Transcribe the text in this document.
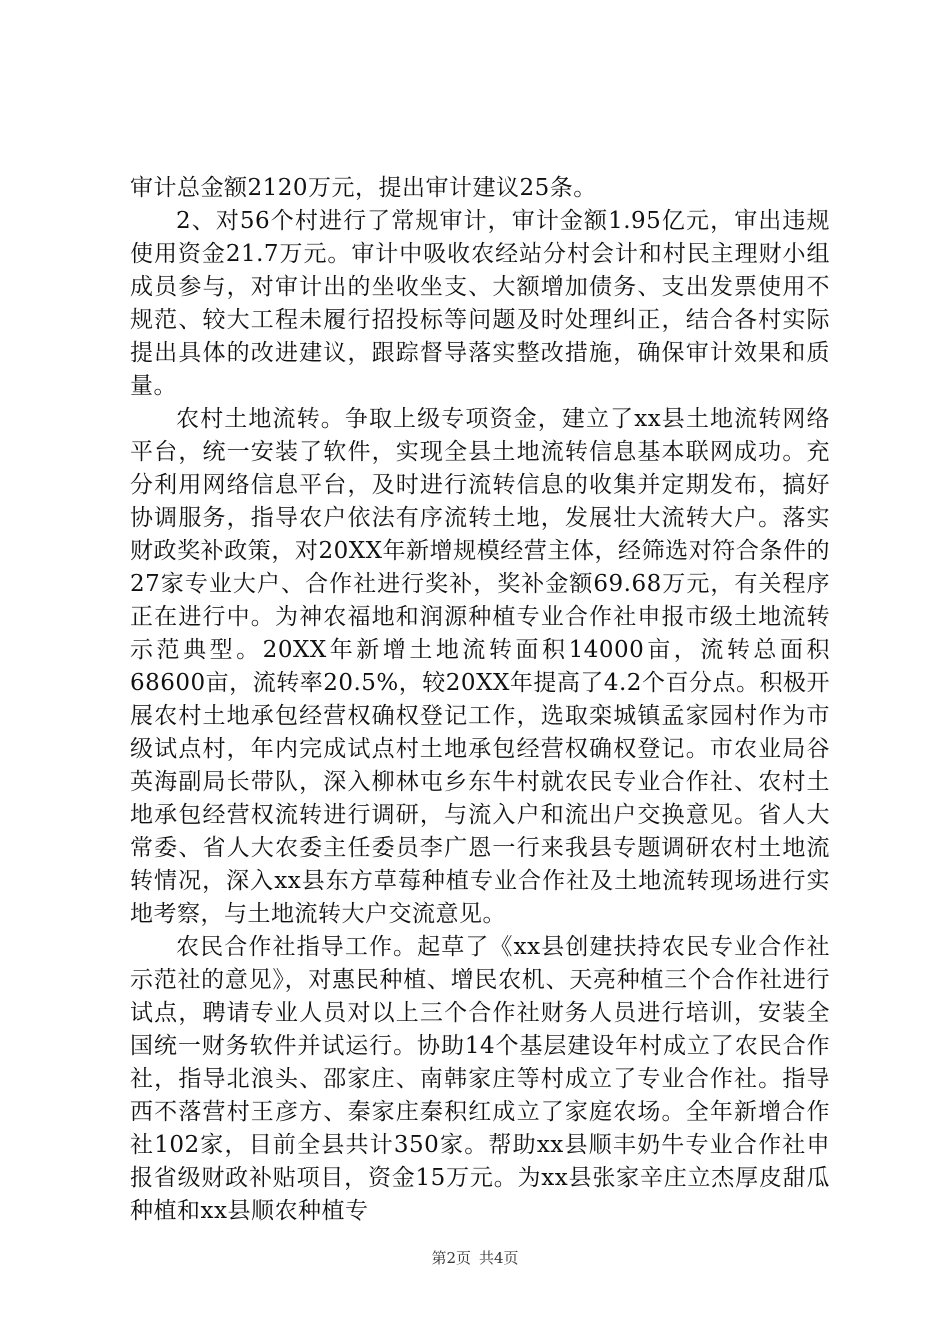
审计总金额2120万元，提出审计建议25条。

2、对56个村进行了常规审计，审计金额1.95亿元，审出违规使用资金21.7万元。审计中吸收农经站分村会计和村民主理财小组成员参与，对审计出的坐收坐支、大额增加债务、支出发票使用不规范、较大工程未履行招投标等问题及时处理纠正，结合各村实际提出具体的改进建议，跟踪督导落实整改措施，确保审计效果和质量。

农村土地流转。争取上级专项资金，建立了xx县土地流转网络平台，统一安装了软件，实现全县土地流转信息基本联网成功。充分利用网络信息平台，及时进行流转信息的收集并定期发布，搞好协调服务，指导农户依法有序流转土地，发展壮大流转大户。落实财政奖补政策，对20XX年新增规模经营主体，经筛选对符合条件的27家专业大户、合作社进行奖补，奖补金额69.68万元，有关程序正在进行中。为神农福地和润源种植专业合作社申报市级土地流转示范典型。20XX年新增土地流转面积14000亩，流转总面积68600亩，流转率20.5%，较20XX年提高了4.2个百分点。积极开展农村土地承包经营权确权登记工作，选取栾城镇孟家园村作为市级试点村，年内完成试点村土地承包经营权确权登记。市农业局谷英海副局长带队，深入柳林屯乡东牛村就农民专业合作社、农村土地承包经营权流转进行调研，与流入户和流出户交换意见。省人大常委、省人大农委主任委员李广恩一行来我县专题调研农村土地流转情况，深入xx县东方草莓种植专业合作社及土地流转现场进行实地考察，与土地流转大户交流意见。

农民合作社指导工作。起草了《xx县创建扶持农民专业合作社示范社的意见》，对惠民种植、增民农机、天亮种植三个合作社进行试点，聘请专业人员对以上三个合作社财务人员进行培训，安装全国统一财务软件并试运行。协助14个基层建设年村成立了农民合作社，指导北浪头、邵家庄、南韩家庄等村成立了专业合作社。指导西不落营村王彦方、秦家庄秦积红成立了家庭农场。全年新增合作社102家，目前全县共计350家。帮助xx县顺丰奶牛专业合作社申报省级财政补贴项目，资金15万元。为xx县张家辛庄立杰厚皮甜瓜种植和xx县顺农种植专

第2页 共4页
